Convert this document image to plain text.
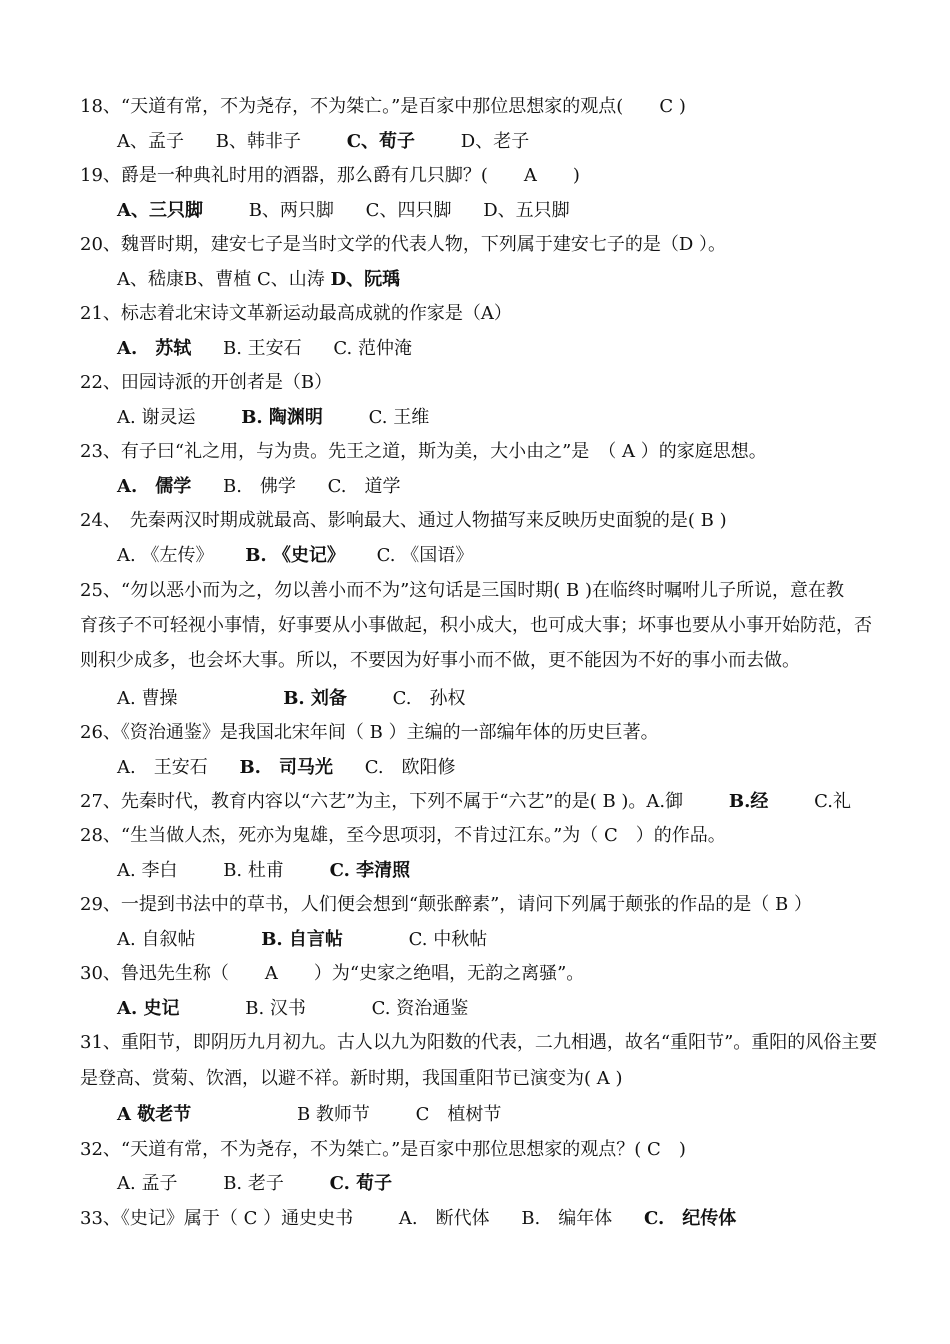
18、“天道有常，不为尧存，不为桀亡。”是百家中那位思想家的观点(　　C )
A、孟子 B、韩非子	C、荀子	D、老子
19、爵是一种典礼时用的酒器，那么爵有几只脚？(　　A　　)
A、三只脚	B、两只脚 C、四只脚 D、五只脚
20、魏晋时期，建安七子是当时文学的代表人物，下列属于建安七子的是（D ）。
A、嵇康B、曹植 C、山涛 D、阮瑀
21、标志着北宋诗文革新运动最高成就的作家是（A）
A.　苏轼 B. 王安石 C. 范仲淹
22、田园诗派的开创者是（B）
A. 谢灵运	B. 陶渊明	C. 王维
23、有子曰“礼之用，与为贵。先王之道，斯为美，大小由之”是　（ A ）的家庭思想。
A.　儒学 B.　佛学 C.　道学
24、　先秦两汉时期成就最高、影响最大、通过人物描写来反映历史面貌的是( B )
A. 《左传》 B. 《史记》 C. 《国语》
25、“勿以恶小而为之，勿以善小而不为”这句话是三国时期( B )在临终时嘱咐儿子所说，意在教
育孩子不可轻视小事情，好事要从小事做起，积小成大，也可成大事；坏事也要从小事开始防范，否
则积少成多，也会坏大事。所以，不要因为好事小而不做，更不能因为不好的事小而去做。
A. 曹操	B. 刘备	C.　孙权
26、《资治通鉴》是我国北宋年间（ B ）主编的一部编年体的历史巨著。
A.　王安石 B.　司马光 C.　欧阳修
27、先秦时代，教育内容以“六艺”为主，下列不属于“六艺”的是( B )。A.御	B.经	C.礼
28、“生当做人杰，死亦为鬼雄，至今思项羽，不肯过江东。”为（ C　）的作品。
A. 李白	B. 杜甫	C. 李清照
29、一提到书法中的草书，人们便会想到“颠张醉素”，请问下列属于颠张的作品的是（ B ）
A. 自叙帖	B. 自言帖	C. 中秋帖
30、鲁迅先生称（　　A　　）为“史家之绝唱，无韵之离骚”。
A. 史记	B. 汉书	C. 资治通鉴
31、重阳节，即阴历九月初九。古人以九为阳数的代表，二九相遇，故名“重阳节”。重阳的风俗主要
是登高、赏菊、饮酒，以避不祥。新时期，我国重阳节已演变为( A )
A 敬老节	B 教师节	C　植树节
32、“天道有常，不为尧存，不为桀亡。”是百家中那位思想家的观点？( C　)
A. 孟子	B. 老子	C. 荀子
33、《史记》属于（ C ）通史史书	A.　断代体 B.　编年体 C.　纪传体
